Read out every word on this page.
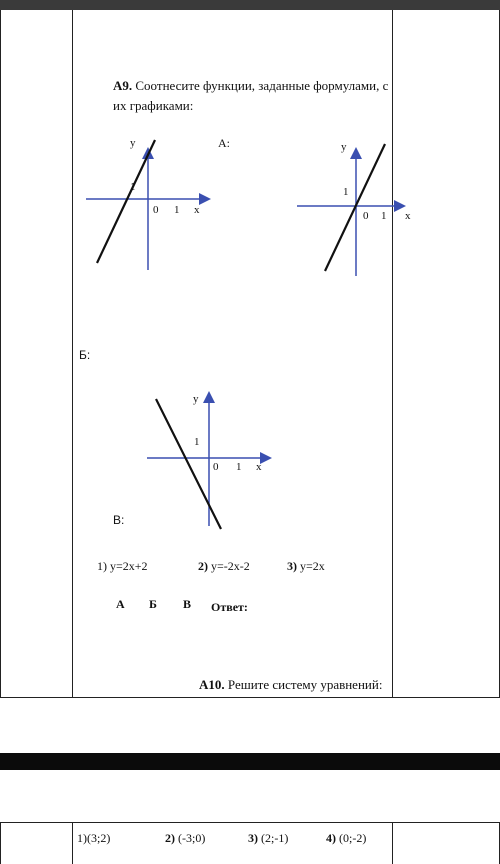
А9. Соотнесите функции, заданные формулами, с
их графиками:
А:
y
1
0 1 x
y
1
0 1 x
Б:
y
1
0 1 x
В:
1) y=2x+2	2) y=-2x-2	3) y=2x
А Б В Ответ:
А10. Решите систему уравнений:
1)(3;2)	2) (-3;0)	3) (2;-1)	4) (0;-2)
